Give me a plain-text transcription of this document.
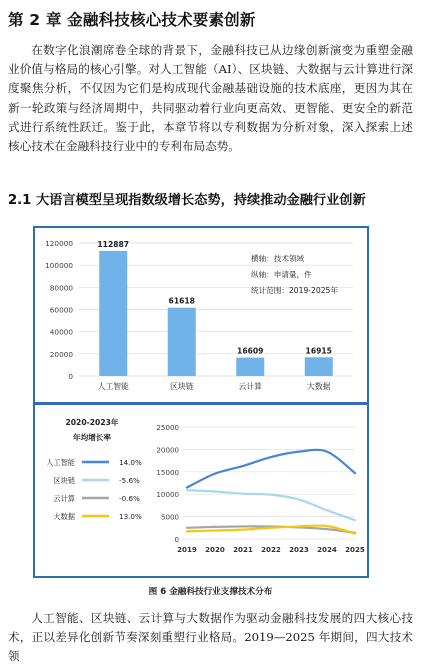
第 2 章 金融科技核心技术要素创新

在数字化浪潮席卷全球的背景下，金融科技已从边缘创新演变为重塑金融业价值与格局的核心引擎。对人工智能（AI）、区块链、大数据与云计算进行深度聚焦分析，不仅因为它们是构成现代金融基础设施的技术底座，更因为其在新一轮政策与经济周期中，共同驱动着行业向更高效、更智能、更安全的新范式进行系统性跃迁。鉴于此，本章节将以专利数据为分析对象，深入探索上述核心技术在金融科技行业中的专利布局态势。

2.1 大语言模型呈现指数级增长态势，持续推动金融行业创新
0
20000
40000
60000
80000
100000
120000	112887
人工智能
61618
区块链
16609
云计算
16915
大数据
横轴：技术领域
纵轴：申请量，件
统计范围：2019-2025年
2020-2023年
年均增长率
0
5000
10000
15000
20000
25000
2019 2020 2021 2022 2023 2024 2025
人工智能	14.0%
区块链	-5.6%
云计算	-0.6%
大数据	13.0%
图 6 金融科技行业支撑技术分布

人工智能、区块链、云计算与大数据作为驱动金融科技发展的四大核心技术，正以差异化创新节奏深刻重塑行业格局。2019—2025 年期间，四大技术领
